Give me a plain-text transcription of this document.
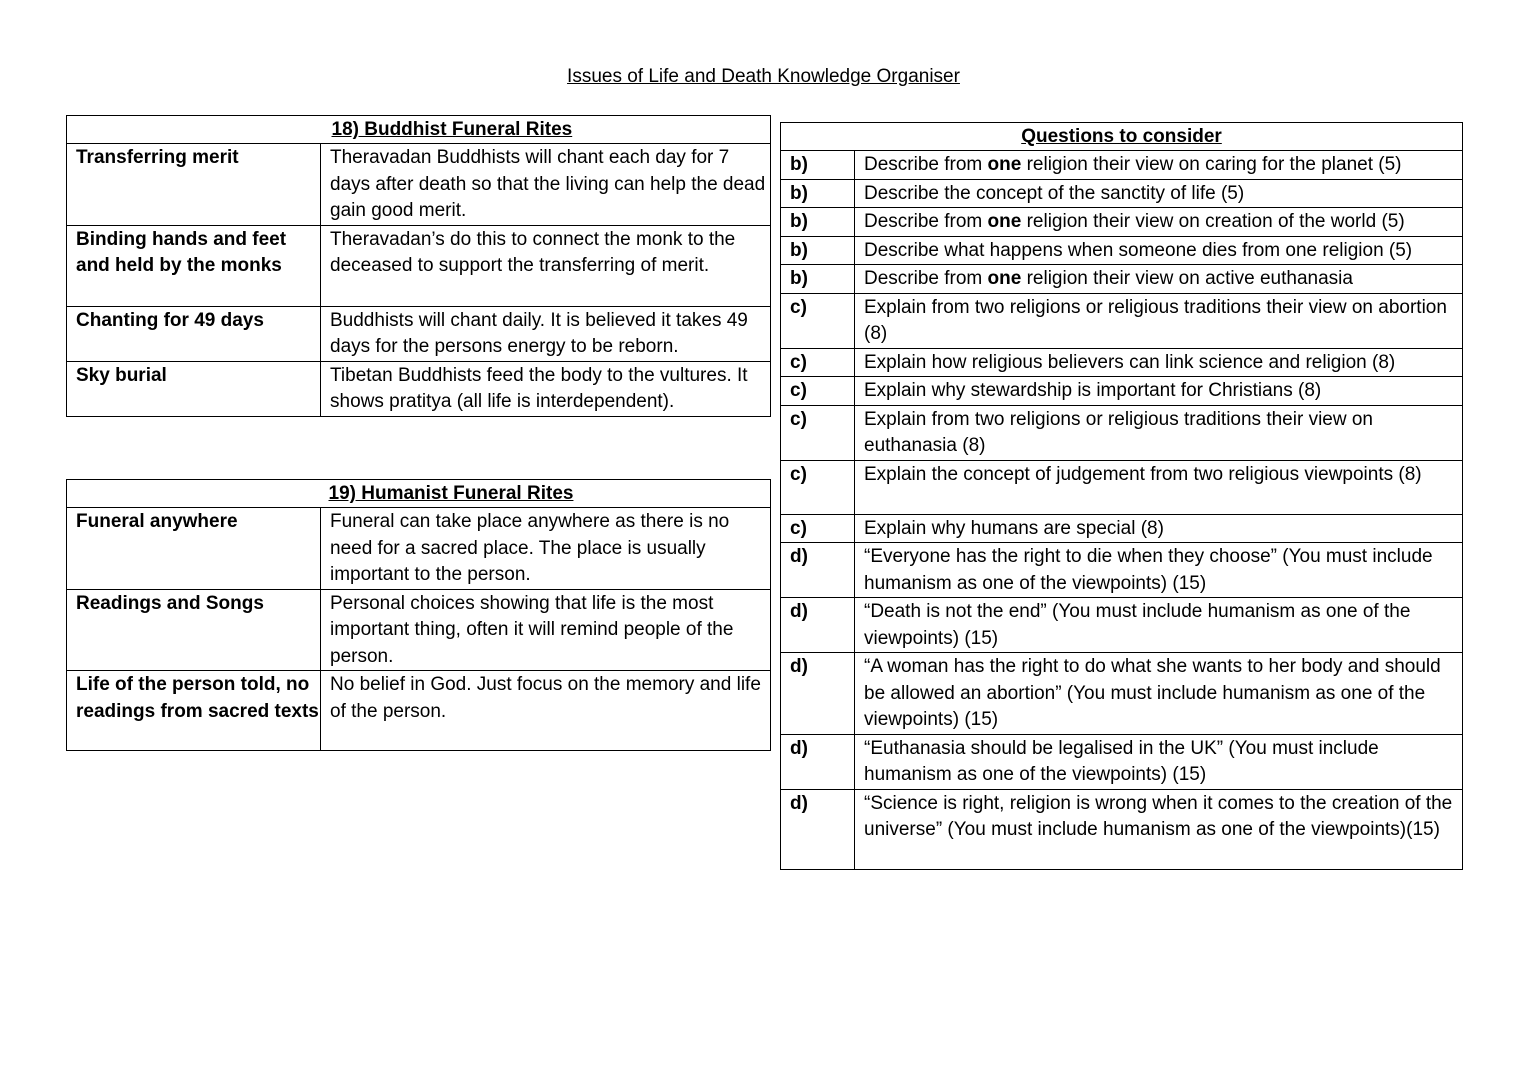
Issues of Life and Death Knowledge Organiser
	18) Buddhist Funeral Rites
Transferring merit	Theravadan Buddhists will chant each day for 7 days after death so that the living can help the dead gain good merit.
Binding hands and feet and held by the monks	Theravadan’s do this to connect the monk to the deceased to support the transferring of merit.
Chanting for 49 days	Buddhists will chant daily. It is believed it takes 49 days for the persons energy to be reborn.
Sky burial	Tibetan Buddhists feed the body to the vultures. It shows pratitya (all life is interdependent).
	19) Humanist Funeral Rites
Funeral anywhere	Funeral can take place anywhere as there is no need for a sacred place. The place is usually important to the person.
Readings and Songs	Personal choices showing that life is the most important thing, often it will remind people of the person.
Life of the person told, no readings from sacred texts	No belief in God. Just focus on the memory and life of the person.
Questions to consider	
b)	Describe from one religion their view on caring for the planet (5)
b)	Describe the concept of the sanctity of life (5)
b)	Describe from one religion their view on creation of the world (5)
b)	Describe what happens when someone dies from one religion (5)
b)	Describe from one religion their view on active euthanasia
c)	Explain from two religions or religious traditions their view on abortion (8)
c)	Explain how religious believers can link science and religion (8)
c)	Explain why stewardship is important for Christians (8)
c)	Explain from two religions or religious traditions their view on euthanasia (8)
c)	Explain the concept of judgement from two religious viewpoints (8)
c)	Explain why humans are special (8)
d)	“Everyone has the right to die when they choose” (You must include humanism as one of the viewpoints) (15)
d)	“Death is not the end” (You must include humanism as one of the viewpoints) (15)
d)	“A woman has the right to do what she wants to her body and should be allowed an abortion” (You must include humanism as one of the viewpoints) (15)
d)	“Euthanasia should be legalised in the UK” (You must include humanism as one of the viewpoints) (15)
d)	“Science is right, religion is wrong when it comes to the creation of the universe” (You must include humanism as one of the viewpoints)(15)
